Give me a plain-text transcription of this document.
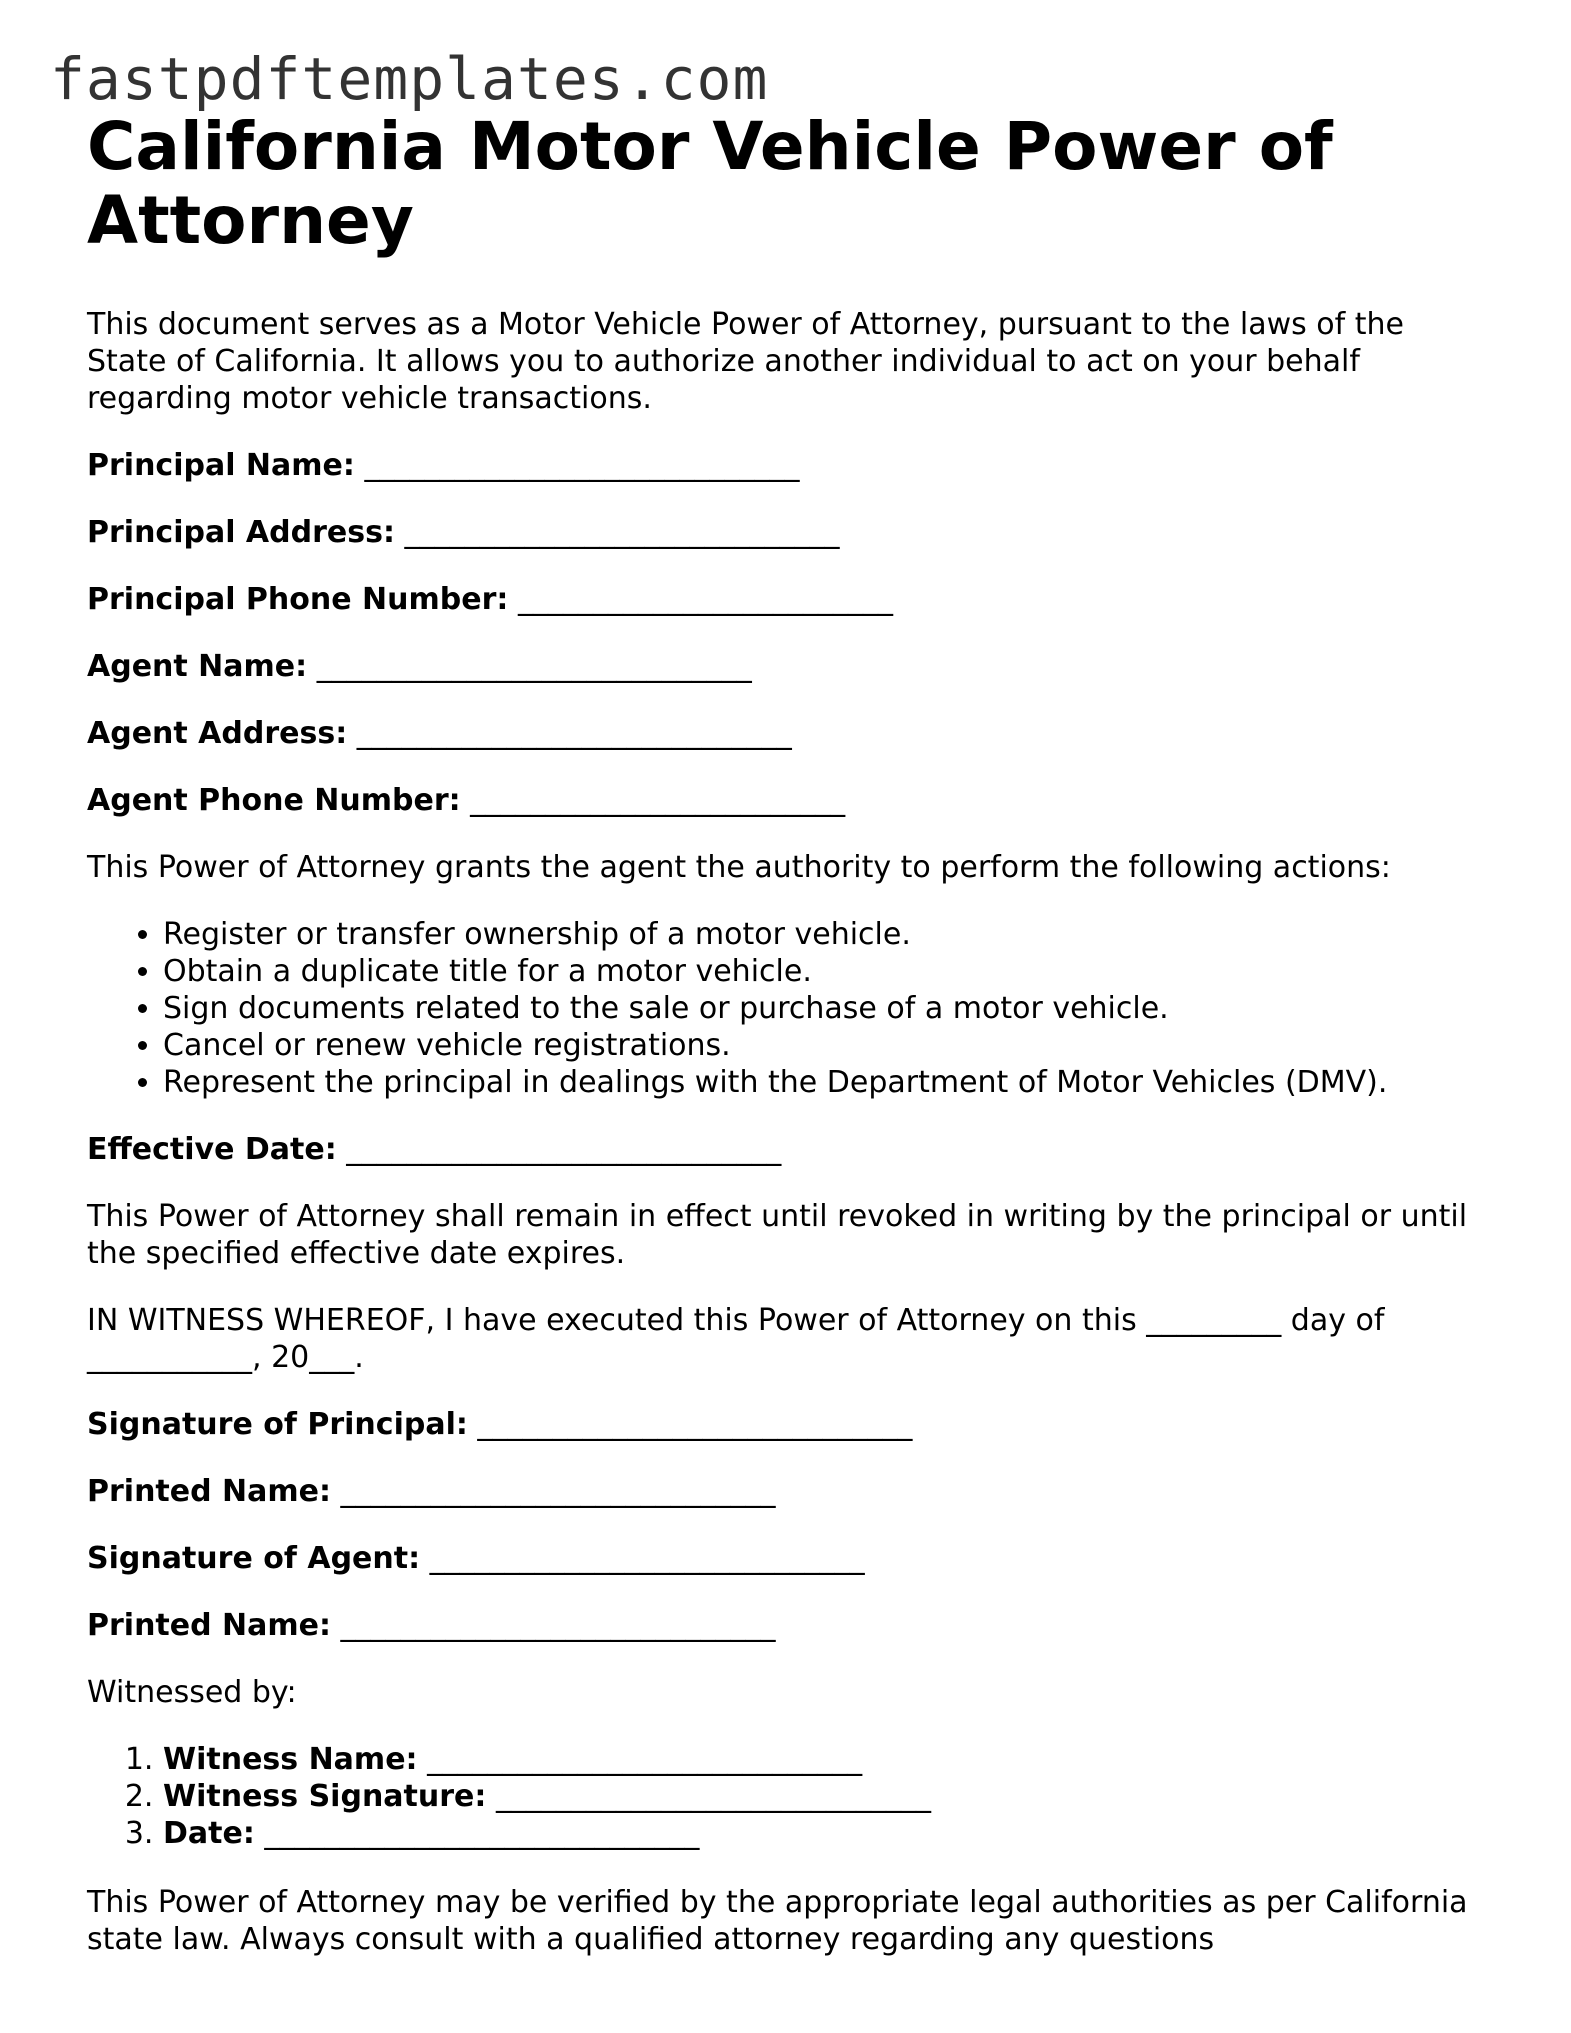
fastpdftemplates.com
California Motor Vehicle Power of Attorney

This document serves as a Motor Vehicle Power of Attorney, pursuant to the laws of the State of California. It allows you to authorize another individual to act on your behalf regarding motor vehicle transactions.

Principal Name: _____________________________

Principal Address: _____________________________

Principal Phone Number: _________________________

Agent Name: _____________________________

Agent Address: _____________________________

Agent Phone Number: _________________________

This Power of Attorney grants the agent the authority to perform the following actions:

• Register or transfer ownership of a motor vehicle.
• Obtain a duplicate title for a motor vehicle.
• Sign documents related to the sale or purchase of a motor vehicle.
• Cancel or renew vehicle registrations.
• Represent the principal in dealings with the Department of Motor Vehicles (DMV).

Effective Date: _____________________________

This Power of Attorney shall remain in effect until revoked in writing by the principal or until the specified effective date expires.

IN WITNESS WHEREOF, I have executed this Power of Attorney on this _________ day of ___________, 20___.

Signature of Principal: _____________________________

Printed Name: _____________________________

Signature of Agent: _____________________________

Printed Name: _____________________________

Witnessed by:

1. Witness Name: _____________________________
2. Witness Signature: _____________________________
3. Date: _____________________________

This Power of Attorney may be verified by the appropriate legal authorities as per California state law. Always consult with a qualified attorney regarding any questions
